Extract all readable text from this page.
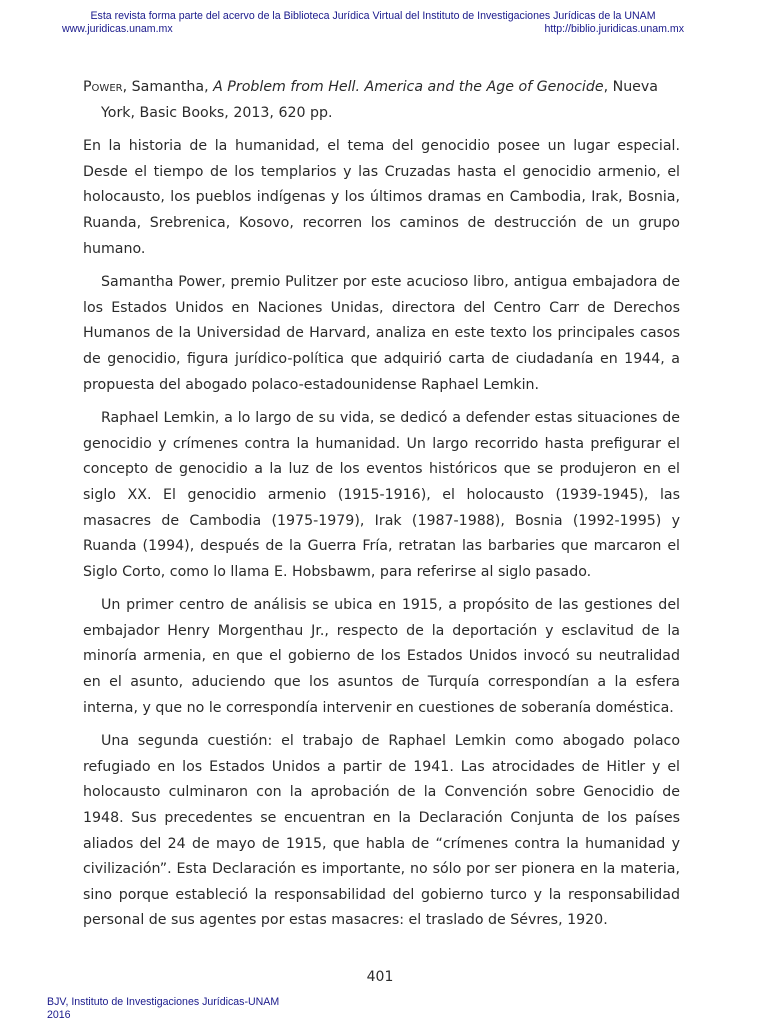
Esta revista forma parte del acervo de la Biblioteca Jurídica Virtual del Instituto de Investigaciones Jurídicas de la UNAM
www.juridicas.unam.mx	http://biblio.juridicas.unam.mx

Power, Samantha, A Problem from Hell. America and the Age of Genocide, Nueva York, Basic Books, 2013, 620 pp.

En la historia de la humanidad, el tema del genocidio posee un lugar especial. Desde el tiempo de los templarios y las Cruzadas hasta el genocidio armenio, el holocausto, los pueblos indígenas y los últimos dramas en Cambodia, Irak, Bosnia, Ruanda, Srebrenica, Kosovo, recorren los caminos de destrucción de un grupo humano.

Samantha Power, premio Pulitzer por este acucioso libro, antigua embajadora de los Estados Unidos en Naciones Unidas, directora del Centro Carr de Derechos Humanos de la Universidad de Harvard, analiza en este texto los principales casos de genocidio, figura jurídico-política que adquirió carta de ciudadanía en 1944, a propuesta del abogado polaco-estadounidense Raphael Lemkin.

Raphael Lemkin, a lo largo de su vida, se dedicó a defender estas situaciones de genocidio y crímenes contra la humanidad. Un largo recorrido hasta prefigurar el concepto de genocidio a la luz de los eventos históricos que se produjeron en el siglo XX. El genocidio armenio (1915-1916), el holocausto (1939-1945), las masacres de Cambodia (1975-1979), Irak (1987-1988), Bosnia (1992-1995) y Ruanda (1994), después de la Guerra Fría, retratan las barbaries que marcaron el Siglo Corto, como lo llama E. Hobsbawm, para referirse al siglo pasado.

Un primer centro de análisis se ubica en 1915, a propósito de las gestiones del embajador Henry Morgenthau Jr., respecto de la deportación y esclavitud de la minoría armenia, en que el gobierno de los Estados Unidos invocó su neutralidad en el asunto, aduciendo que los asuntos de Turquía correspondían a la esfera interna, y que no le correspondía intervenir en cuestiones de soberanía doméstica.

Una segunda cuestión: el trabajo de Raphael Lemkin como abogado polaco refugiado en los Estados Unidos a partir de 1941. Las atrocidades de Hitler y el holocausto culminaron con la aprobación de la Convención sobre Genocidio de 1948. Sus precedentes se encuentran en la Declaración Conjunta de los países aliados del 24 de mayo de 1915, que habla de “crímenes contra la humanidad y civilización”. Esta Declaración es importante, no sólo por ser pionera en la materia, sino porque estableció la responsabilidad del gobierno turco y la responsabilidad personal de sus agentes por estas masacres: el traslado de Sévres, 1920.

401
BJV, Instituto de Investigaciones Jurídicas-UNAM
2016
